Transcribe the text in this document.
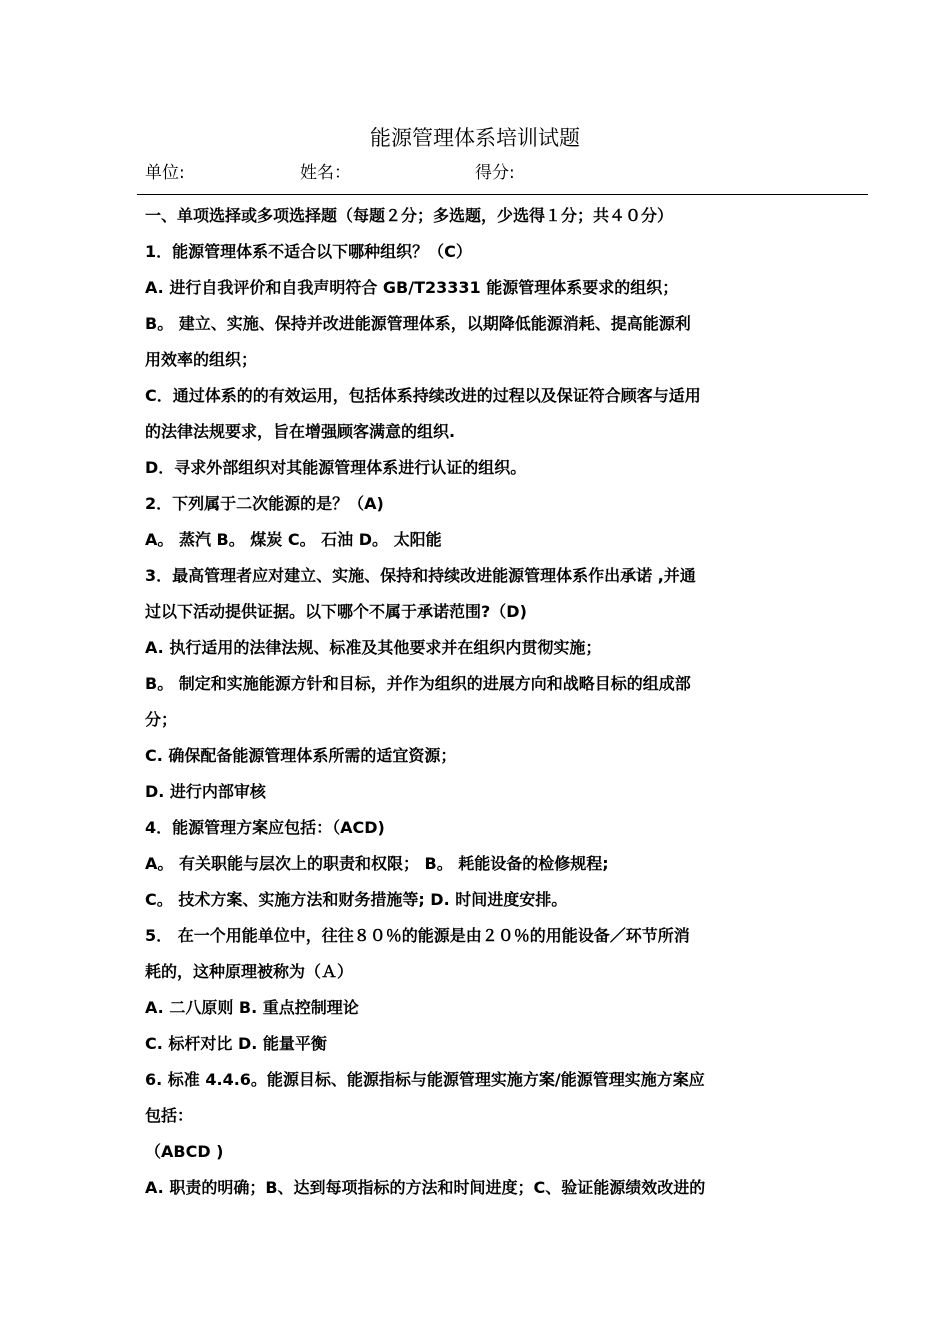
能源管理体系培训试题
单位:	姓名：	得分:
一、单项选择或多项选择题（每题２分；多选题，少选得１分；共４０分）
1．能源管理体系不适合以下哪种组织？（C）
A. 进行自我评价和自我声明符合 GB/T23331 能源管理体系要求的组织；
B。 建立、实施、保持并改进能源管理体系，以期降低能源消耗、提高能源利
用效率的组织；
C．通过体系的的有效运用，包括体系持续改进的过程以及保证符合顾客与适用
的法律法规要求，旨在增强顾客满意的组织.
D．寻求外部组织对其能源管理体系进行认证的组织。
2．下列属于二次能源的是？（A)
A。 蒸汽 B。 煤炭 C。 石油 D。 太阳能
3．最高管理者应对建立、实施、保持和持续改进能源管理体系作出承诺 ,并通
过以下活动提供证据。以下哪个不属于承诺范围?（D)
A. 执行适用的法律法规、标准及其他要求并在组织内贯彻实施；
B。 制定和实施能源方针和目标，并作为组织的进展方向和战略目标的组成部
分；
C. 确保配备能源管理体系所需的适宜资源；
D. 进行内部审核
4．能源管理方案应包括：（ACD)
A。 有关职能与层次上的职责和权限； B。 耗能设备的检修规程;
C。 技术方案、实施方法和财务措施等; D. 时间进度安排。
5． 在一个用能单位中，往往８０％的能源是由２０％的用能设备／环节所消
耗的，这种原理被称为（Ａ）
A. 二八原则 B. 重点控制理论
C. 标杆对比 D. 能量平衡
6. 标准 4.4.6。能源目标、能源指标与能源管理实施方案/能源管理实施方案应
包括：
（ABCD )
A. 职责的明确；B、达到每项指标的方法和时间进度；C、验证能源绩效改进的
